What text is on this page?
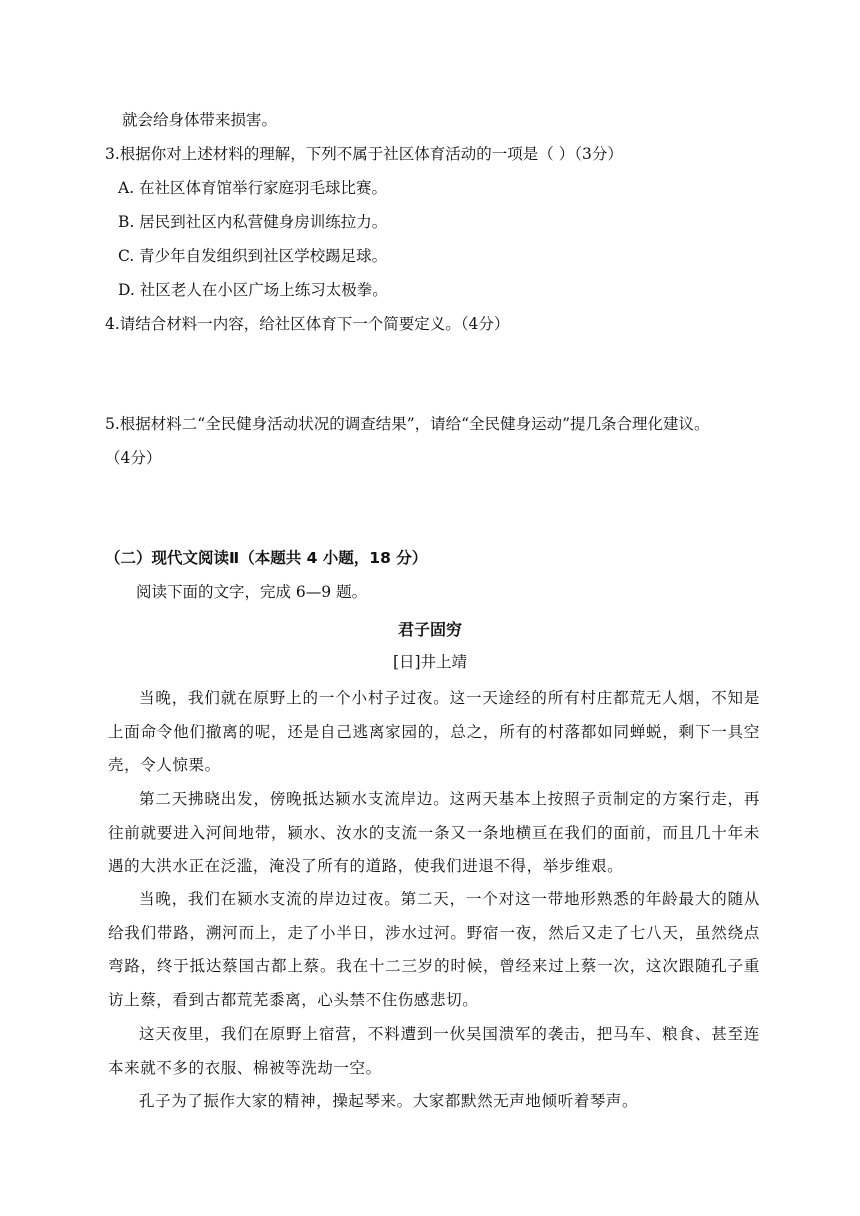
就会给身体带来损害。
3.根据你对上述材料的理解，下列不属于社区体育活动的一项是（ ）（3分）
A. 在社区体育馆举行家庭羽毛球比赛。
B. 居民到社区内私营健身房训练拉力。
C. 青少年自发组织到社区学校踢足球。
D. 社区老人在小区广场上练习太极拳。
4.请结合材料一内容，给社区体育下一个简要定义。（4分）
5.根据材料二“全民健身活动状况的调查结果”，请给“全民健身运动”提几条合理化建议。
（4分）
（二）现代文阅读Ⅱ（本题共 4 小题，18 分）
阅读下面的文字，完成 6—9 题。
君子固穷
[日]井上靖
当晚，我们就在原野上的一个小村子过夜。这一天途经的所有村庄都荒无人烟，不知是上面命令他们撤离的呢，还是自己逃离家园的，总之，所有的村落都如同蝉蜕，剩下一具空壳，令人惊栗。
第二天拂晓出发，傍晚抵达颍水支流岸边。这两天基本上按照子贡制定的方案行走，再往前就要进入河间地带，颍水、汝水的支流一条又一条地横亘在我们的面前，而且几十年未遇的大洪水正在泛滥，淹没了所有的道路，使我们进退不得，举步维艰。
当晚，我们在颍水支流的岸边过夜。第二天，一个对这一带地形熟悉的年龄最大的随从给我们带路，溯河而上，走了小半日，涉水过河。野宿一夜，然后又走了七八天，虽然绕点弯路，终于抵达蔡国古都上蔡。我在十二三岁的时候，曾经来过上蔡一次，这次跟随孔子重访上蔡，看到古都荒芜黍离，心头禁不住伤感悲切。
这天夜里，我们在原野上宿营，不料遭到一伙吴国溃军的袭击，把马车、粮食、甚至连本来就不多的衣服、棉被等洗劫一空。
孔子为了振作大家的精神，操起琴来。大家都默然无声地倾听着琴声。
